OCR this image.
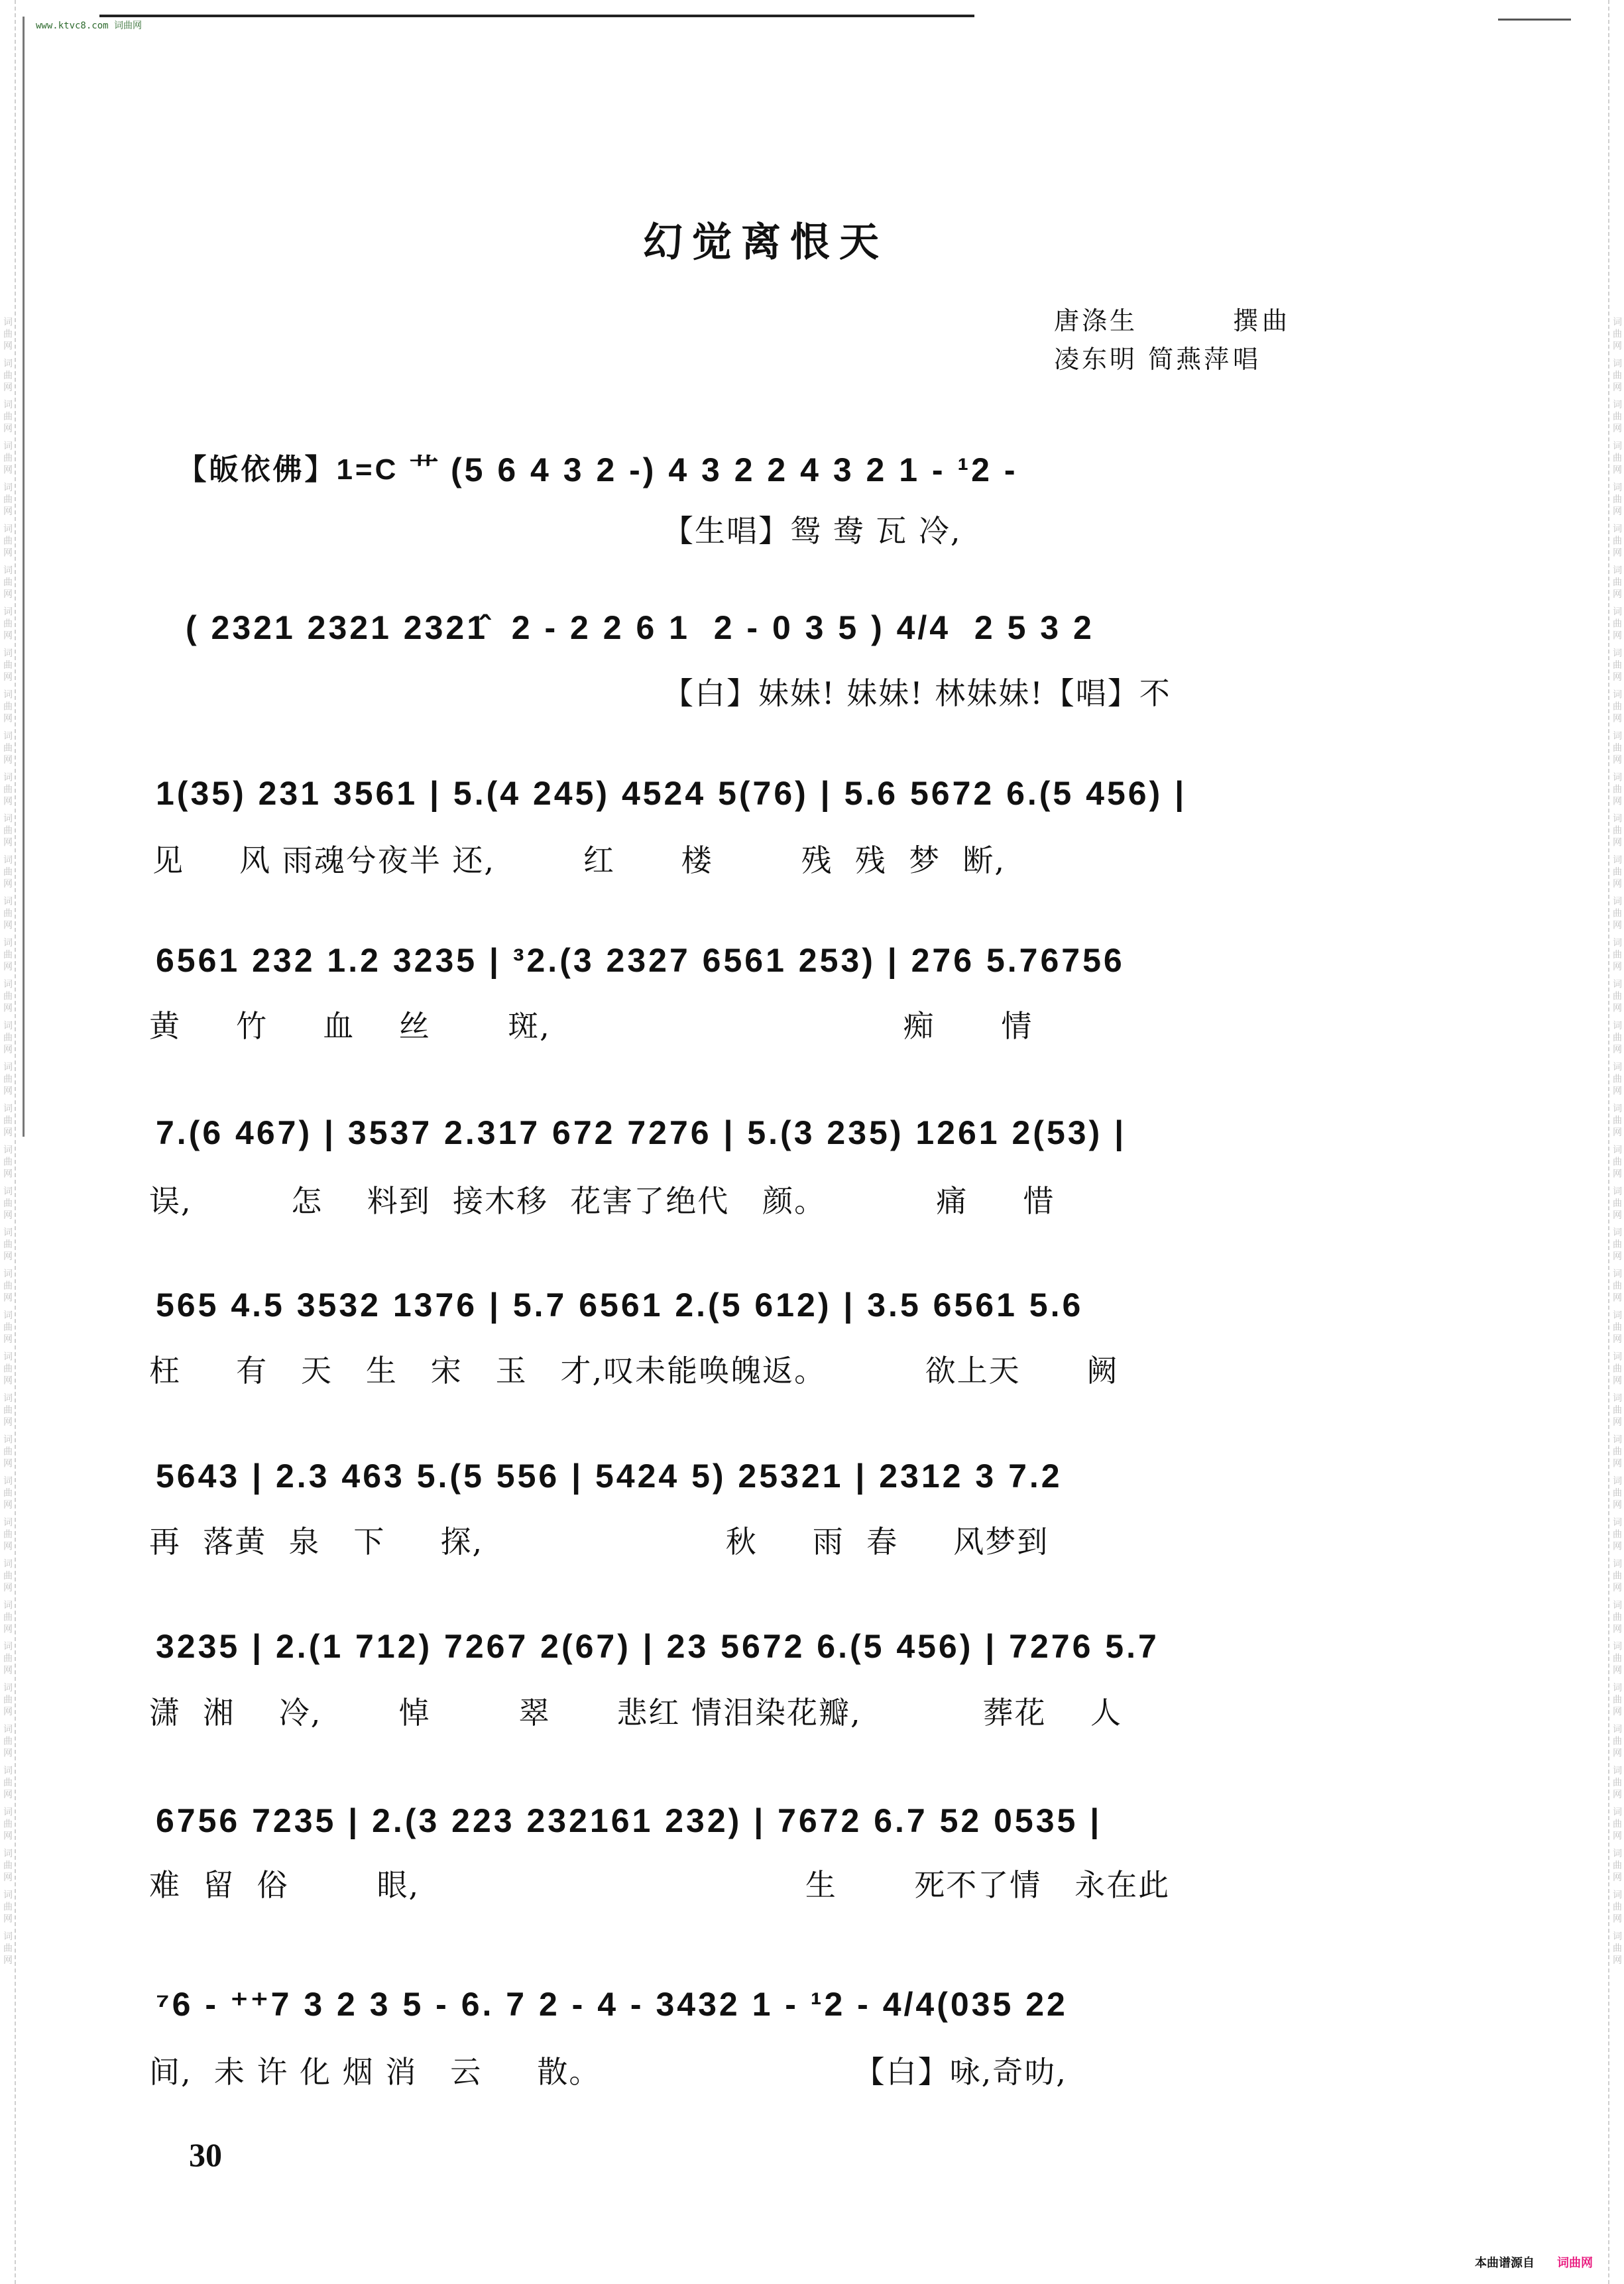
词曲网 词曲网 词曲网 词曲网 词曲网 词曲网 词曲网 词曲网 词曲网 词曲网 词曲网 词曲网 词曲网 词曲网 词曲网 词曲网 词曲网 词曲网 词曲网 词曲网 词曲网 词曲网 词曲网 词曲网 词曲网 词曲网 词曲网 词曲网 词曲网 词曲网 词曲网 词曲网 词曲网 词曲网 词曲网 词曲网 词曲网 词曲网 词曲网 词曲网	词曲网 词曲网 词曲网 词曲网 词曲网 词曲网 词曲网 词曲网 词曲网 词曲网 词曲网 词曲网 词曲网 词曲网 词曲网 词曲网 词曲网 词曲网 词曲网 词曲网 词曲网 词曲网 词曲网 词曲网 词曲网 词曲网 词曲网 词曲网 词曲网 词曲网 词曲网 词曲网 词曲网 词曲网 词曲网 词曲网 词曲网 词曲网 词曲网 词曲网
www.ktvc8.com 词曲网
幻觉离恨天
唐涤生	撰曲
凌东明 简燕萍 唱

【皈依佛】1=C 艹 (5 6 4 3 2 -) 4 3 2 2 4 3 2 1 - ¹2 -
【生唱】鸳 鸯 瓦 冷,
( 2321 2321 2321̂  2 - 2 2 6 1  2 - 0 3 5 ) 4/4  2 5 3 2
【白】妹妹! 妹妹! 林妹妹!【唱】不
1(35) 231 3561 | 5.(4 245) 4524 5(76) | 5.6 5672 6.(5 456) |
见     风 雨魂兮夜半 还,        红      楼        残  残  梦  断,
6561 232 1.2 3235 | ³2.(3 2327 6561 253) | 276 5.76756
黄     竹     血    丝       斑,                                痴      情
7.(6 467) | 3537 2.317 672 7276 | 5.(3 235) 1261 2(53) |
误,         怎    料到  接木移  花害了绝代   颜。          痛     惜
565 4.5 3532 1376 | 5.7 6561 2.(5 612) | 3.5 6561 5.6
枉     有   天   生   宋   玉   才,叹未能唤魄返。         欲上天      阙
5643 | 2.3 463 5.(5 556 | 5424 5) 25321 | 2312 3 7.2
再  落黄  泉   下     探,                      秋     雨  春     风梦到
3235 | 2.(1 712) 7267 2(67) | 23 5672 6.(5 456) | 7276 5.7
潇  湘    冷,       悼        翠      悲红 情泪染花瓣,           葬花    人
6756 7235 | 2.(3 223 232161 232) | 7672 6.7 52 0535 |
难  留  俗        眼,                                   生       死不了情   永在此
⁷6 - ⁺⁺7 3 2 3 5 - 6. 7 2 - 4 - 3432 1 - ¹2 - 4/4(035 22
间,  未 许 化 烟 消   云     散。                       【白】咏,奇叻,
30
本曲谱源自 词曲网
